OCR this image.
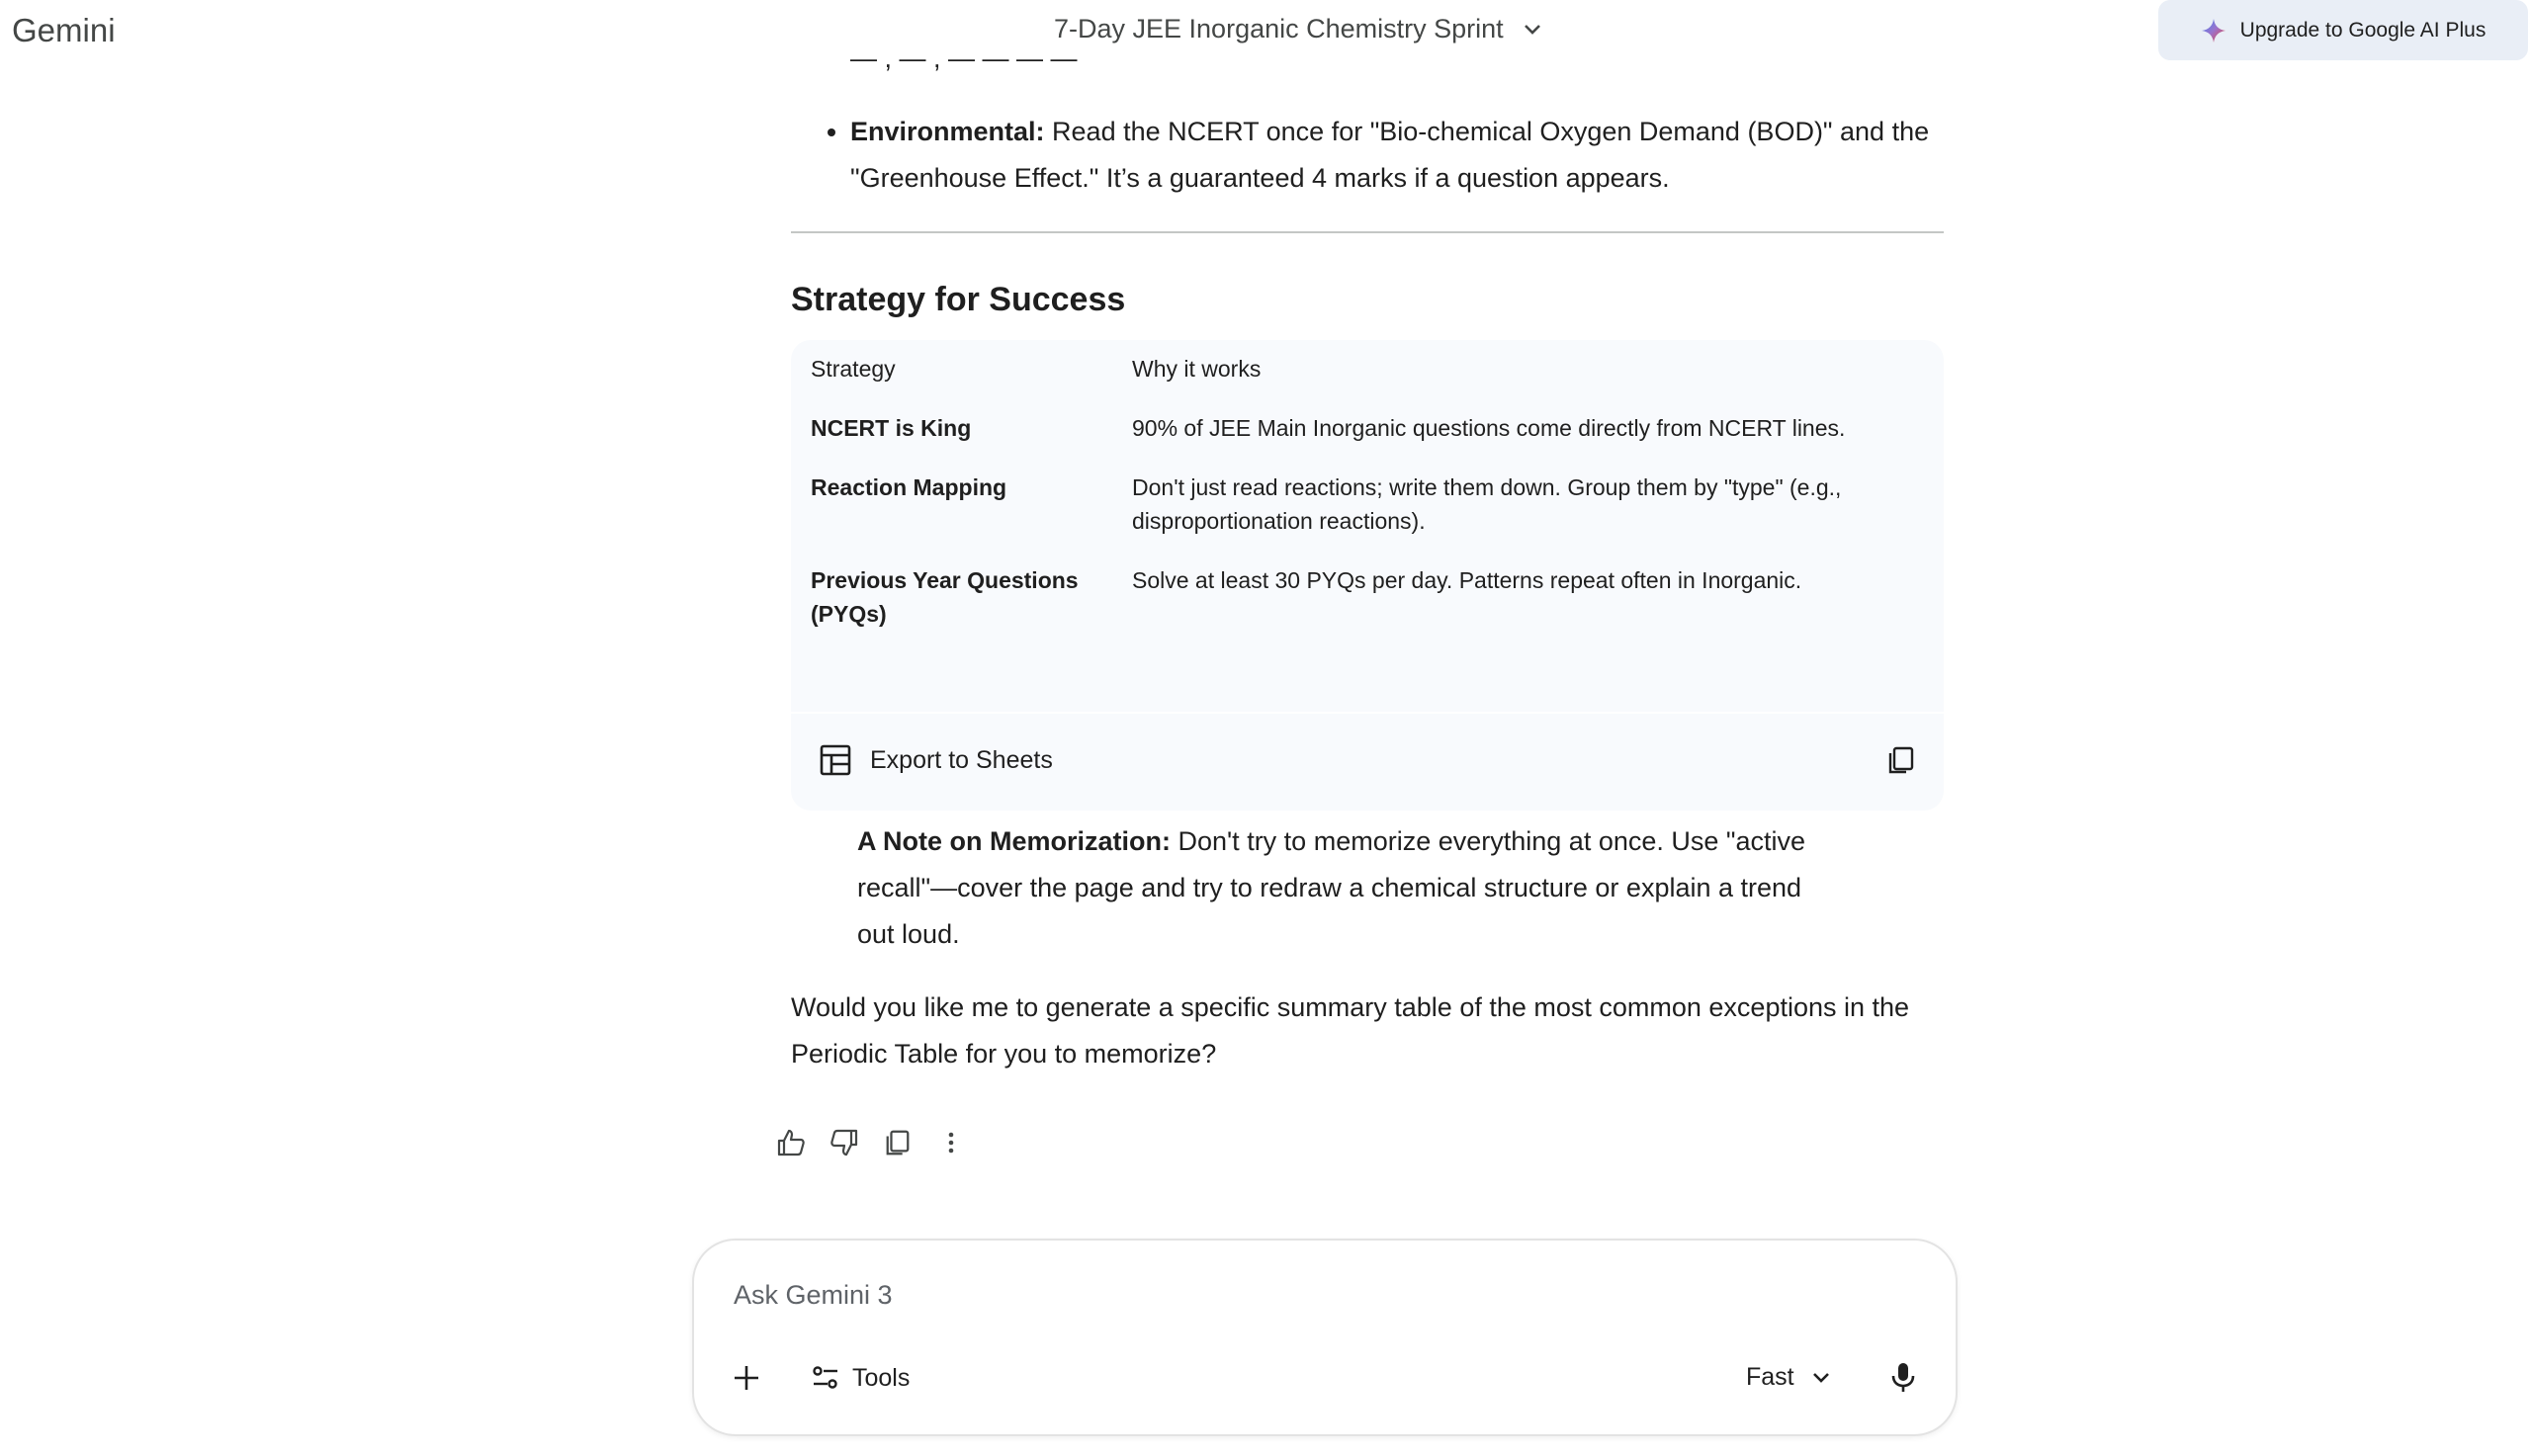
Gemini	7-Day JEE Inorganic Chemistry Sprint	Upgrade to Google AI Plus
• Environmental: Read the NCERT once for "Bio-chemical Oxygen Demand (BOD)" and the "Greenhouse Effect." It’s a guaranteed 4 marks if a question appears.
Strategy for Success
Strategy	Why it works
NCERT is King	90% of JEE Main Inorganic questions come directly from NCERT lines.
Reaction Mapping	Don't just read reactions; write them down. Group them by "type" (e.g., disproportionation reactions).
Previous Year Questions (PYQs)	Solve at least 30 PYQs per day. Patterns repeat often in Inorganic.
Export to Sheets
A Note on Memorization: Don't try to memorize everything at once. Use "active recall"—cover the page and try to redraw a chemical structure or explain a trend out loud.
Would you like me to generate a specific summary table of the most common exceptions in the Periodic Table for you to memorize?
Ask Gemini 3
Tools	Fast
